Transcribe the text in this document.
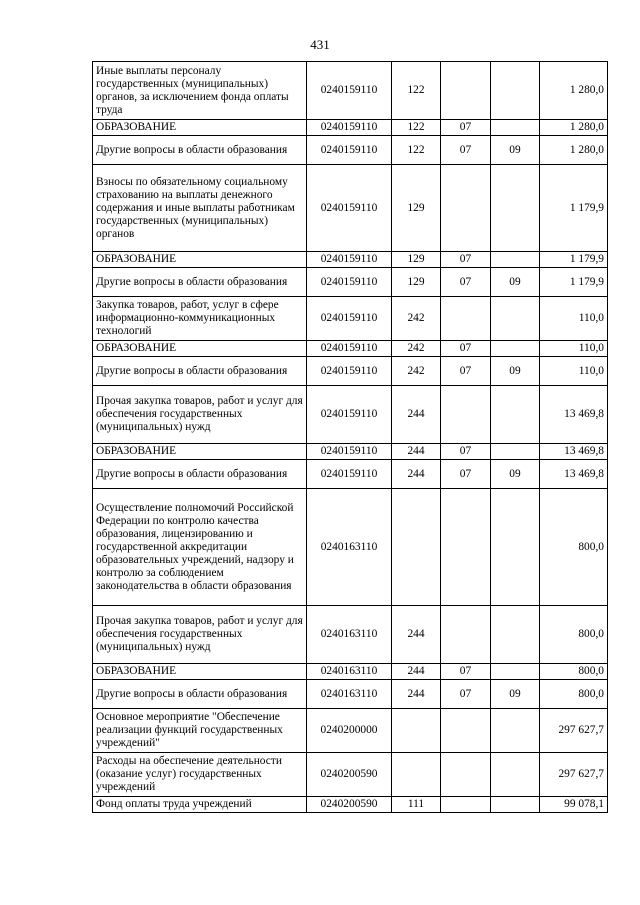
431
Иные выплаты персоналу государственных (муниципальных) органов, за исключением фонда оплаты труда	0240159110	122			1 280,0
ОБРАЗОВАНИЕ	0240159110	122	07		1 280,0
Другие вопросы в области образования	0240159110	122	07	09	1 280,0
Взносы по обязательному социальному страхованию на выплаты денежного содержания и иные выплаты работникам государственных (муниципальных) органов	0240159110	129			1 179,9
ОБРАЗОВАНИЕ	0240159110	129	07		1 179,9
Другие вопросы в области образования	0240159110	129	07	09	1 179,9
Закупка товаров, работ, услуг в сфере информационно-коммуникационных технологий	0240159110	242			110,0
ОБРАЗОВАНИЕ	0240159110	242	07		110,0
Другие вопросы в области образования	0240159110	242	07	09	110,0
Прочая закупка товаров, работ и услуг для обеспечения государственных (муниципальных) нужд	0240159110	244			13 469,8
ОБРАЗОВАНИЕ	0240159110	244	07		13 469,8
Другие вопросы в области образования	0240159110	244	07	09	13 469,8
Осуществление полномочий Российской Федерации по контролю качества образования, лицензированию и государственной аккредитации образовательных учреждений, надзору и контролю за соблюдением законодательства в области образования	0240163110				800,0
Прочая закупка товаров, работ и услуг для обеспечения государственных (муниципальных) нужд	0240163110	244			800,0
ОБРАЗОВАНИЕ	0240163110	244	07		800,0
Другие вопросы в области образования	0240163110	244	07	09	800,0
Основное мероприятие "Обеспечение реализации функций государственных учреждений"	0240200000				297 627,7
Расходы на обеспечение деятельности (оказание услуг) государственных учреждений	0240200590				297 627,7
Фонд оплаты труда учреждений	0240200590	111			99 078,1
